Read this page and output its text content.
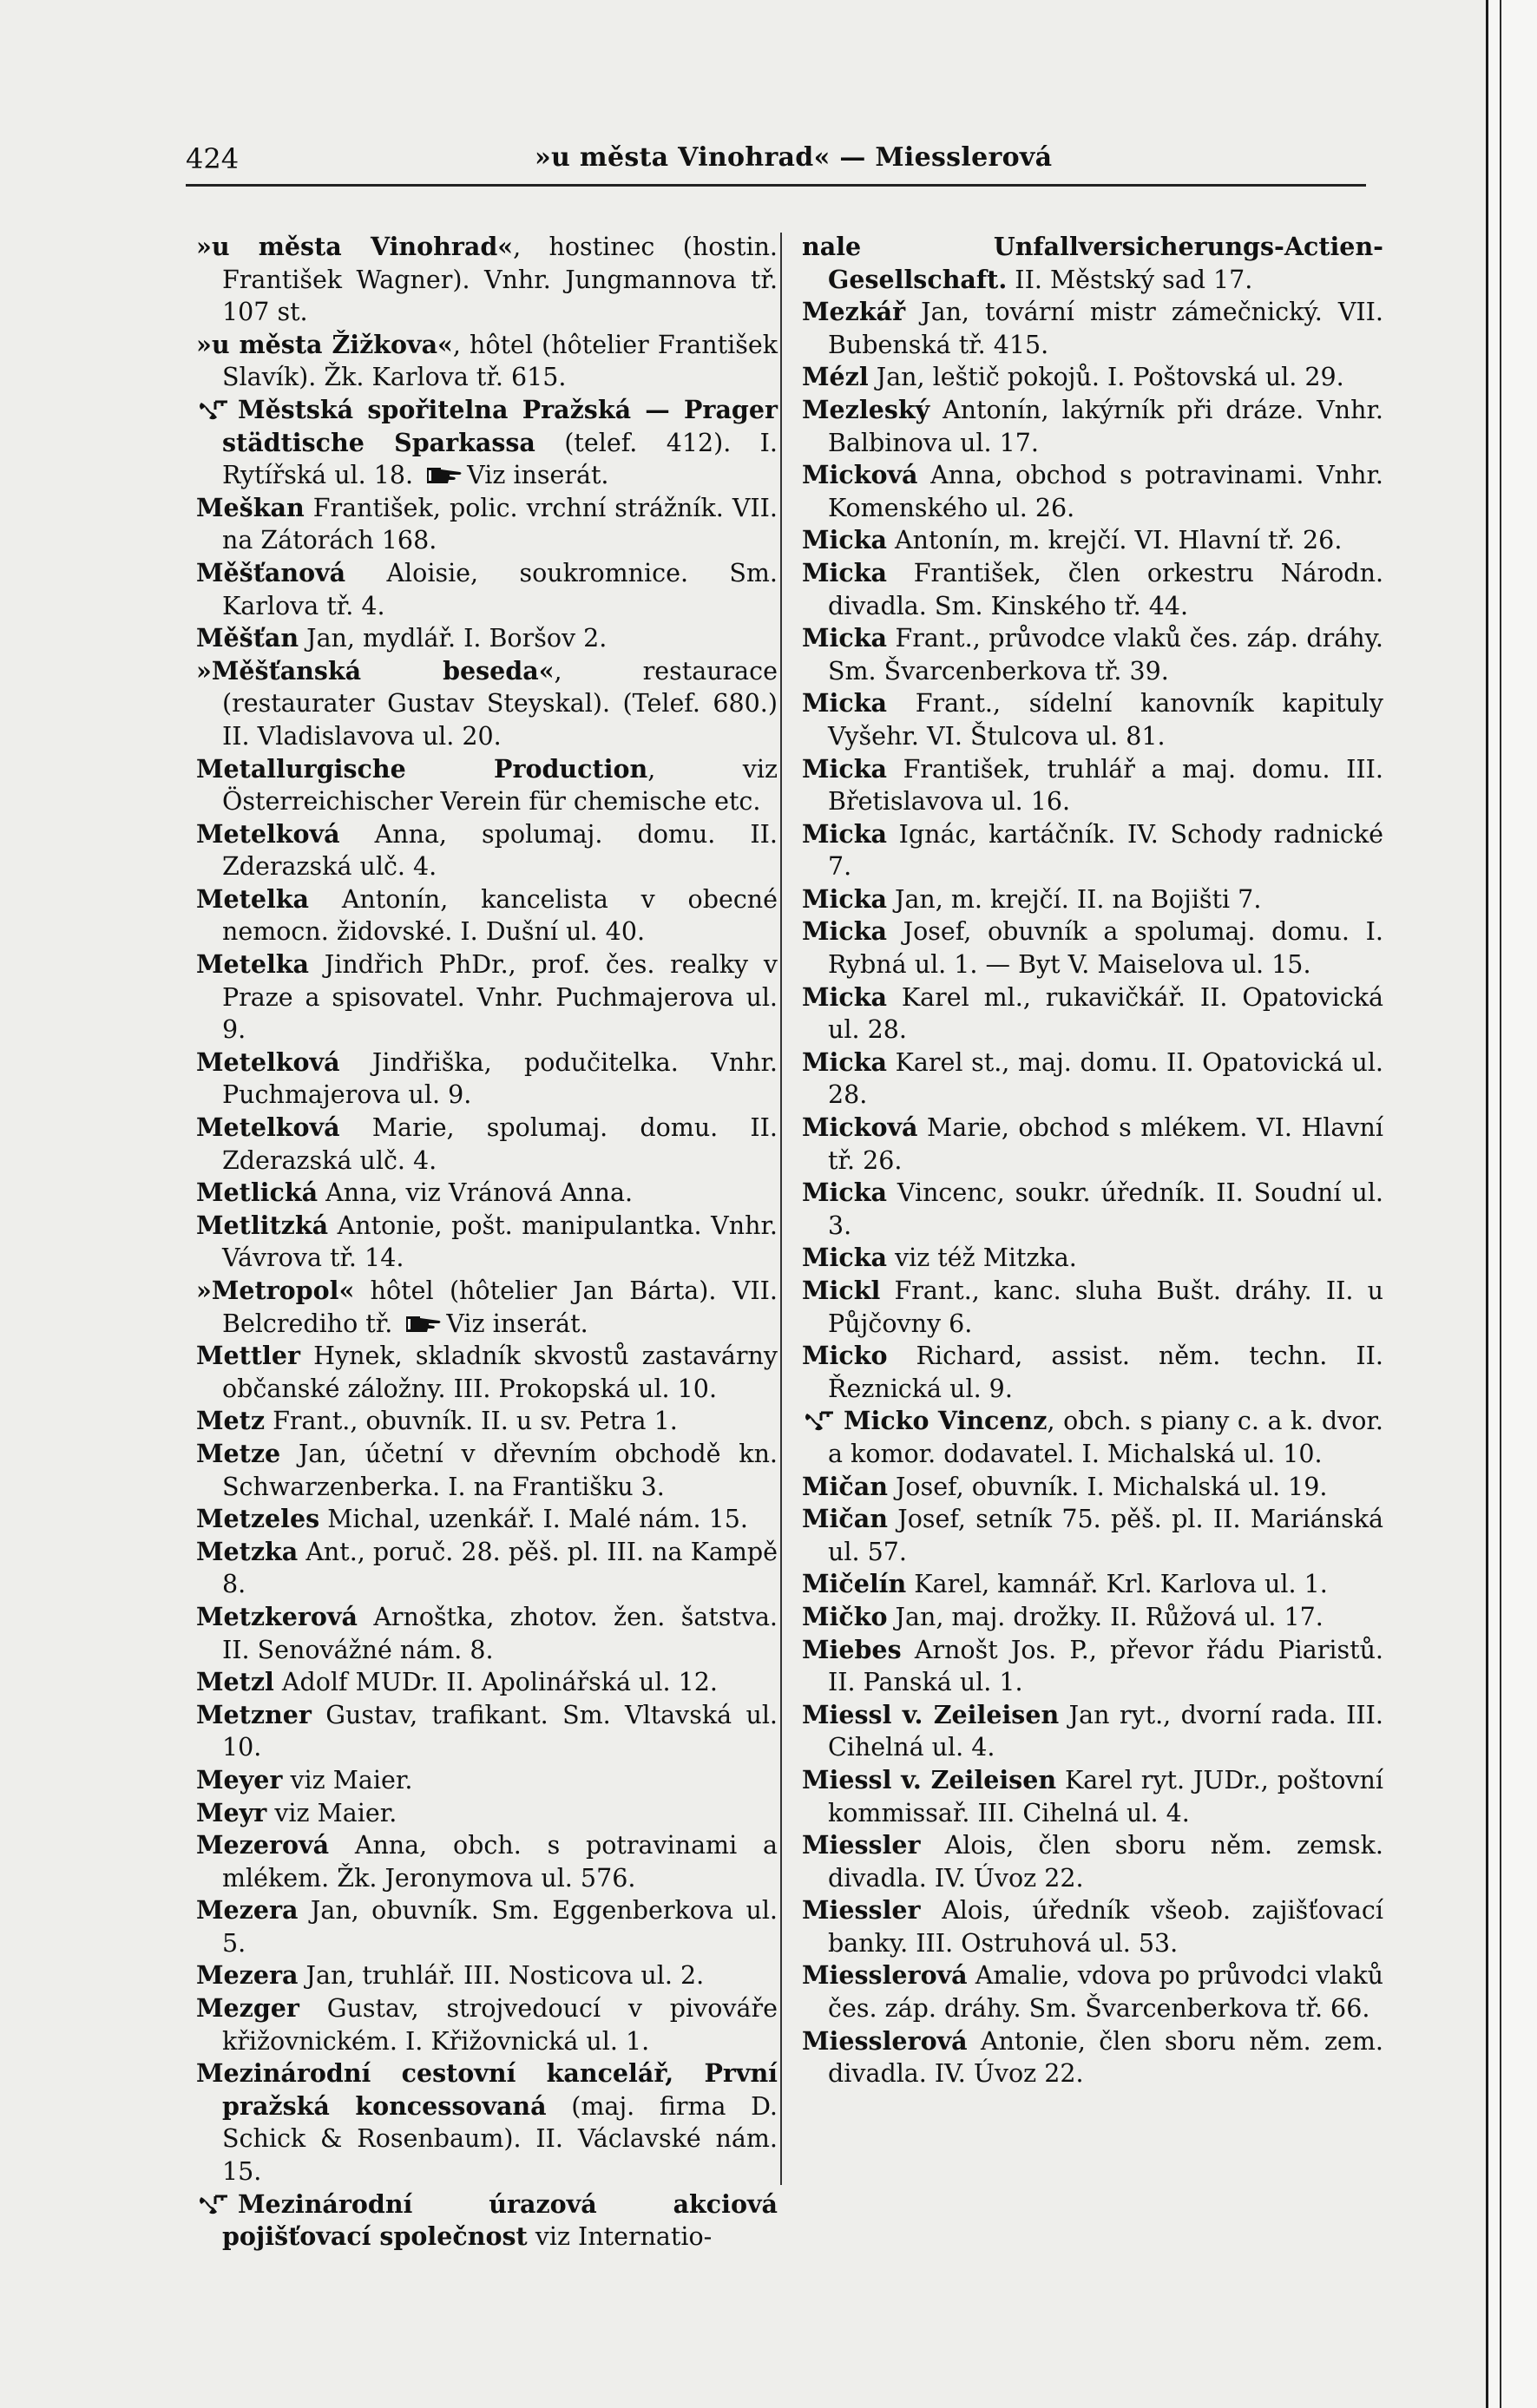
424	»u města Vinohrad« — Miesslerová

»u města Vinohrad«, hostinec (hostin. František Wagner). Vnhr. Jungmannova tř. 107 st.

»u města Žižkova«, hôtel (hôtelier František Slavík). Žk. Karlova tř. 615.

Městská spořitelna Pražská — Prager städtische Sparkassa (telef. 412). I. Rytířská ul. 18. Viz inserát.

Meškan František, polic. vrchní strážník. VII. na Zátorách 168.

Měšťanová Aloisie, soukromnice. Sm. Karlova tř. 4.

Měšťan Jan, mydlář. I. Boršov 2.

»Měšťanská beseda«, restaurace (restaurater Gustav Steyskal). (Telef. 680.) II. Vladislavova ul. 20.

Metallurgische Production, viz Österreichischer Verein für chemische etc.

Metelková Anna, spolumaj. domu. II. Zderazská ulč. 4.

Metelka Antonín, kancelista v obecné nemocn. židovské. I. Dušní ul. 40.

Metelka Jindřich PhDr., prof. čes. realky v Praze a spisovatel. Vnhr. Puchmajerova ul. 9.

Metelková Jindřiška, podučitelka. Vnhr. Puchmajerova ul. 9.

Metelková Marie, spolumaj. domu. II. Zderazská ulč. 4.

Metlická Anna, viz Vránová Anna.

Metlitzká Antonie, pošt. manipulantka. Vnhr. Vávrova tř. 14.

»Metropol« hôtel (hôtelier Jan Bárta). VII. Belcrediho tř. Viz inserát.

Mettler Hynek, skladník skvostů zastavárny občanské záložny. III. Prokopská ul. 10.

Metz Frant., obuvník. II. u sv. Petra 1.

Metze Jan, účetní v dřevním obchodě kn. Schwarzenberka. I. na Františku 3.

Metzeles Michal, uzenkář. I. Malé nám. 15.

Metzka Ant., poruč. 28. pěš. pl. III. na Kampě 8.

Metzkerová Arnoštka, zhotov. žen. šatstva. II. Senovážné nám. 8.

Metzl Adolf MUDr. II. Apolinářská ul. 12.

Metzner Gustav, trafikant. Sm. Vltavská ul. 10.

Meyer viz Maier.

Meyr viz Maier.

Mezerová Anna, obch. s potravinami a mlékem. Žk. Jeronymova ul. 576.

Mezera Jan, obuvník. Sm. Eggenberkova ul. 5.

Mezera Jan, truhlář. III. Nosticova ul. 2.

Mezger Gustav, strojvedoucí v pivováře křižovnickém. I. Křižovnická ul. 1.

Mezinárodní cestovní kancelář, První pražská koncessovaná (maj. firma D. Schick & Rosenbaum). II. Václavské nám. 15.

Mezinárodní úrazová akciová pojišťovací společnost viz Internatio-

nale Unfallversicherungs-Actien-Gesellschaft. II. Městský sad 17.

Mezkář Jan, tovární mistr zámečnický. VII. Bubenská tř. 415.

Mézl Jan, leštič pokojů. I. Poštovská ul. 29.

Mezleský Antonín, lakýrník při dráze. Vnhr. Balbinova ul. 17.

Micková Anna, obchod s potravinami. Vnhr. Komenského ul. 26.

Micka Antonín, m. krejčí. VI. Hlavní tř. 26.

Micka František, člen orkestru Národn. divadla. Sm. Kinského tř. 44.

Micka Frant., průvodce vlaků čes. záp. dráhy. Sm. Švarcenberkova tř. 39.

Micka Frant., sídelní kanovník kapituly Vyšehr. VI. Štulcova ul. 81.

Micka František, truhlář a maj. domu. III. Břetislavova ul. 16.

Micka Ignác, kartáčník. IV. Schody radnické 7.

Micka Jan, m. krejčí. II. na Bojišti 7.

Micka Josef, obuvník a spolumaj. domu. I. Rybná ul. 1. — Byt V. Maiselova ul. 15.

Micka Karel ml., rukavičkář. II. Opatovická ul. 28.

Micka Karel st., maj. domu. II. Opatovická ul. 28.

Micková Marie, obchod s mlékem. VI. Hlavní tř. 26.

Micka Vincenc, soukr. úředník. II. Soudní ul. 3.

Micka viz též Mitzka.

Mickl Frant., kanc. sluha Bušt. dráhy. II. u Půjčovny 6.

Micko Richard, assist. něm. techn. II. Řeznická ul. 9.

Micko Vincenz, obch. s piany c. a k. dvor. a komor. dodavatel. I. Michalská ul. 10.

Mičan Josef, obuvník. I. Michalská ul. 19.

Mičan Josef, setník 75. pěš. pl. II. Mariánská ul. 57.

Mičelín Karel, kamnář. Krl. Karlova ul. 1.

Mičko Jan, maj. drožky. II. Růžová ul. 17.

Miebes Arnošt Jos. P., převor řádu Piaristů. II. Panská ul. 1.

Miessl v. Zeileisen Jan ryt., dvorní rada. III. Cihelná ul. 4.

Miessl v. Zeileisen Karel ryt. JUDr., poštovní kommissař. III. Cihelná ul. 4.

Miessler Alois, člen sboru něm. zemsk. divadla. IV. Úvoz 22.

Miessler Alois, úředník všeob. zajišťovací banky. III. Ostruhová ul. 53.

Miesslerová Amalie, vdova po průvodci vlaků čes. záp. dráhy. Sm. Švarcenberkova tř. 66.

Miesslerová Antonie, člen sboru něm. zem. divadla. IV. Úvoz 22.
